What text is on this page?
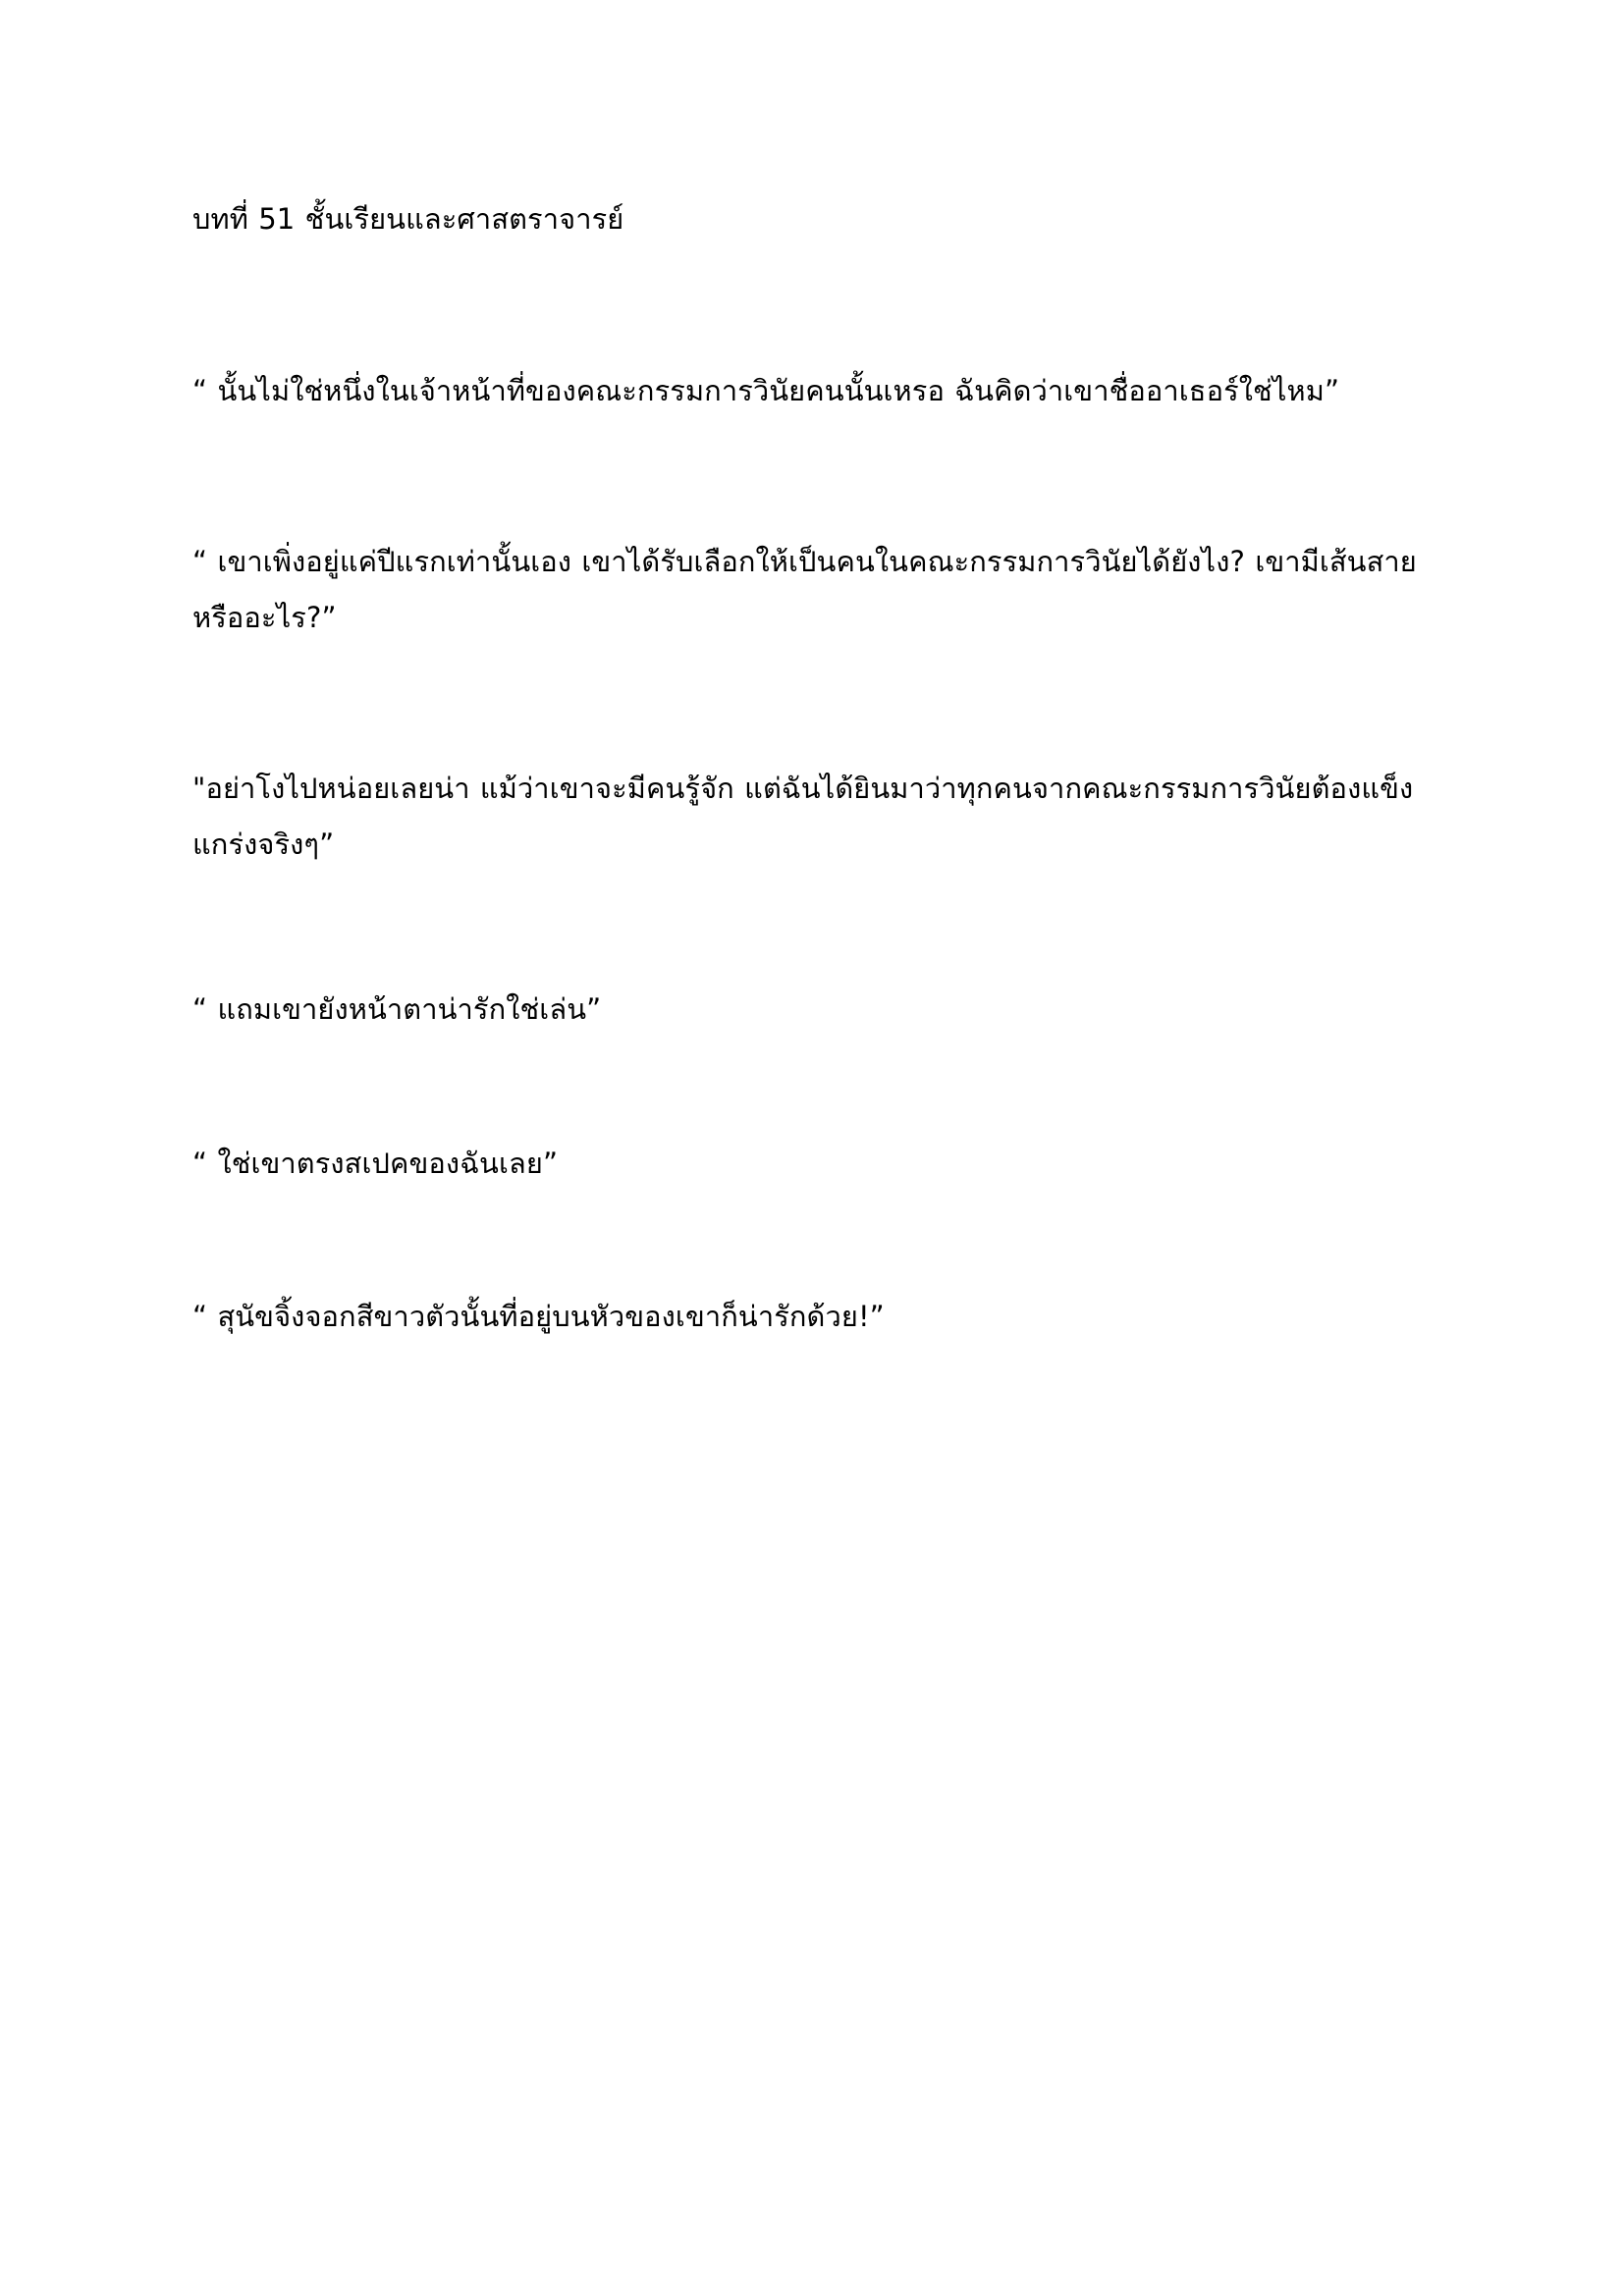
บทที่ 51 ชั้นเรียนและศาสตราจารย์

“ นั้นไม่ใช่หนึ่งในเจ้าหน้าที่ของคณะกรรมการวินัยคนนั้นเหรอ ฉันคิดว่าเขาชื่ออาเธอร์ใช่ไหม”

“ เขาเพิ่งอยู่แค่ปีแรกเท่านั้นเอง เขาได้รับเลือกให้เป็นคนในคณะกรรมการวินัยได้ยังไง? เขามีเส้นสายหรืออะไร?”

"อย่าโงไปหน่อยเลยน่า แม้ว่าเขาจะมีคนรู้จัก แต่ฉันได้ยินมาว่าทุกคนจากคณะกรรมการวินัยต้องแข็งแกร่งจริงๆ”

“ แถมเขายังหน้าตาน่ารักใช่เล่น”

“ ใช่เขาตรงสเปคของฉันเลย”

“ สุนัขจิ้งจอกสีขาวตัวนั้นที่อยู่บนหัวของเขาก็น่ารักด้วย!”
